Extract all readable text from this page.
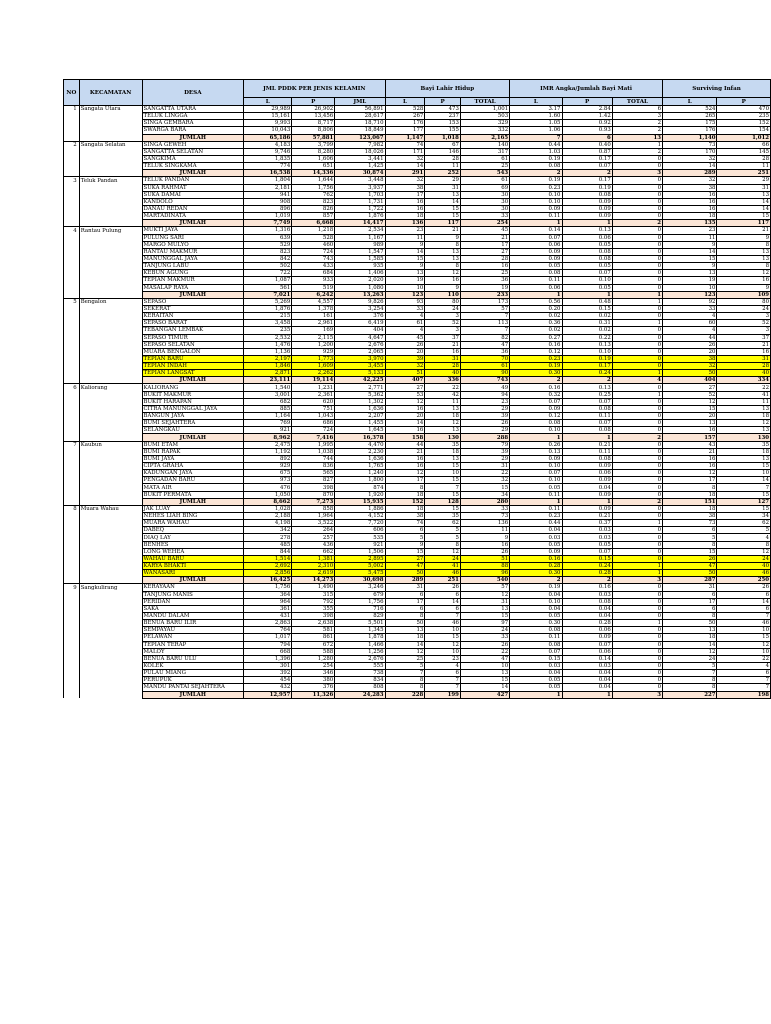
NO	KECAMATAN	DESA	JML PDDK PER JENIS KELAMIN			Bayi Lahir Hidup			IMR Angka/Jumlah Bayi Mati			Surviving Infan	
			L	P	JML	L	P	TOTAL	L	P	TOTAL	L	P
1	Sangata Utara	SANGATTA UTARA	29,989	26,902	56,891	528	473	1,001	3.17	2.84	6	524	470
		TELUK LINGGA	15,161	13,456	28,617	267	237	503	1.60	1.42	3	265	235
		SINGA GEMBARA	9,993	8,717	18,710	176	153	329	1.05	0.92	2	175	152
		SWARGA BARA	10,043	8,806	18,849	177	155	332	1.06	0.93	2	176	154
		JUMLAH	65,186	57,881	123,067	1,147	1,018	2,165	7	6	13	1,140	1,012
2	Sangata Selatan	SINGA GEWEH	4,183	3,799	7,982	74	67	140	0.44	0.40	1	73	66
		SANGATTA SELATAN	9,746	8,280	18,026	171	146	317	1.03	0.87	2	170	145
		SANGKIMA	1,835	1,606	3,441	32	28	61	0.19	0.17	0	32	28
		TELUK SINGKAMA	774	651	1,425	14	11	25	0.08	0.07	0	14	11
		JUMLAH	16,538	14,336	30,874	291	252	543	2	2	3	289	251
3	Teluk Pandan	TELUK PANDAN	1,804	1,644	3,448	32	29	61	0.19	0.17	0	32	29
		SUKA RAHMAT	2,181	1,756	3,937	38	31	69	0.23	0.19	0	38	31
		SUKA DAMAI	941	762	1,703	17	13	30	0.10	0.08	0	16	13
		KANDOLO	908	823	1,731	16	14	30	0.10	0.09	0	16	14
		DANAU REDAN	896	826	1,722	16	15	30	0.09	0.09	0	16	14
		MARTADINATA	1,019	857	1,876	18	15	33	0.11	0.09	0	18	15
		JUMLAH	7,749	6,668	14,417	136	117	254	1	1	2	135	117
4	Rantau Pulung	MUKTI JAYA	1,316	1,218	2,534	23	21	45	0.14	0.13	0	23	21
		PULUNG SARI	639	528	1,167	11	9	21	0.07	0.06	0	11	9
		MARGO MULYO	529	460	989	9	8	17	0.06	0.05	0	9	8
		RANTAU MAKMUR	823	724	1,547	14	13	27	0.09	0.08	0	14	13
		MANUNGGAL JAYA	842	743	1,585	15	13	28	0.09	0.08	0	15	13
		TANJUNG LABU	502	433	935	9	8	16	0.05	0.05	0	9	8
		KEBUN AGUNG	722	684	1,406	13	12	25	0.08	0.07	0	13	12
		TEPIAN MAKMUR	1,087	933	2,020	19	16	36	0.11	0.10	0	19	16
		MASALAP RAYA	561	519	1,080	10	9	19	0.06	0.05	0	10	9
		JUMLAH	7,021	6,242	13,263	123	110	233	1	1	1	123	109
5	Bengalon	SEPASO	5,269	4,557	9,826	93	80	173	0.56	0.48	1	92	80
		SEKERAT	1,876	1,378	3,254	33	24	57	0.20	0.15	0	33	24
		KERAITAN	215	161	376	4	3	7	0.02	0.02	0	4	3
		SEPASO BARAT	3,458	2,961	6,419	61	52	113	0.36	0.31	1	60	52
		TEBANGAN LEMBAK	235	169	404	4	3	7	0.02	0.02	0	4	3
		SEPASO TIMUR	2,532	2,115	4,647	45	37	82	0.27	0.22	0	44	37
		SEPASO SELATAN	1,476	1,200	2,676	26	21	47	0.16	0.13	0	26	21
		MUARA BENGALON	1,136	929	2,065	20	16	36	0.12	0.10	0	20	16
		TEPIAN BARU	2,197	1,773	3,970	39	31	70	0.23	0.19	0	38	31
		TEPIAN INDAH	1,846	1,609	3,455	32	28	61	0.19	0.17	0	32	28
		TEPIAN LANGSAT	2,871	2,262	5,133	51	40	90	0.30	0.24	1	50	40
		JUMLAH	23,111	19,114	42,225	407	336	743	2	2	4	404	334
6	Kaliorang	KALIORANG	1,540	1,231	2,771	27	22	49	0.16	0.13	0	27	22
		BUKIT MAKMUR	3,001	2,361	5,362	53	42	94	0.32	0.25	1	52	41
		BUKIT HARAPAN	682	620	1,302	12	11	23	0.07	0.07	0	12	11
		CITRA MANUNGGAL JAYA	885	751	1,636	16	13	29	0.09	0.08	0	15	13
		BANGUN JAYA	1,164	1,043	2,207	20	18	39	0.12	0.11	0	20	18
		BUMI SEJAHTERA	769	686	1,455	14	12	26	0.08	0.07	0	13	12
		SELANGKAU	921	724	1,645	16	13	29	0.10	0.08	0	16	13
		JUMLAH	8,962	7,416	16,378	158	130	288	1	1	2	157	130
7	Kaubun	BUMI ETAM	2,475	1,995	4,470	44	35	79	0.26	0.21	0	43	35
		BUMI RAPAK	1,192	1,038	2,230	21	18	39	0.13	0.11	0	21	18
		BUMI JAYA	892	744	1,636	16	13	29	0.09	0.08	0	16	13
		CIPTA GRAHA	929	836	1,765	16	15	31	0.10	0.09	0	16	15
		KADUNGAN JAYA	675	565	1,240	12	10	22	0.07	0.06	0	12	10
		PENGADAN BARU	973	827	1,800	17	15	32	0.10	0.09	0	17	14
		MATA AIR	476	398	874	8	7	15	0.05	0.04	0	8	7
		BUKIT PERMATA	1,050	870	1,920	18	15	34	0.11	0.09	0	18	15
		JUMLAH	8,662	7,273	15,935	152	128	280	1	1	2	151	127
8	Muara Wahau	JAK LUAY	1,028	858	1,886	18	15	33	0.11	0.09	0	18	15
		NEHES LIAH BING	2,188	1,964	4,152	38	35	73	0.23	0.21	0	38	34
		MUARA WAHAU	4,198	3,522	7,720	74	62	136	0.44	0.37	1	73	62
		DABEQ	342	264	606	6	5	11	0.04	0.03	0	6	5
		DIAQ LAY	278	257	535	5	5	9	0.03	0.03	0	5	4
		BENHES	485	436	921	9	8	16	0.05	0.05	0	8	8
		LONG WEHEA	844	662	1,506	15	12	26	0.09	0.07	0	15	12
		WAHAU BARU	1,514	1,381	2,895	27	24	51	0.16	0.15	0	26	24
		KARYA BHAKTI	2,692	2,310	5,002	47	41	88	0.28	0.24	1	47	40
		WANASARI	2,856	2,619	5,475	50	46	96	0.30	0.28	1	50	46
		JUMLAH	16,425	14,273	30,698	289	251	540	2	2	3	287	250
9	Sangkulirang	KERAYAAN	1,756	1,490	3,246	31	26	57	0.19	0.16	0	31	26
		TANJUNG MANIS	364	315	679	6	6	12	0.04	0.03	0	6	6
		PERIDAN	964	792	1,756	17	14	31	0.10	0.08	0	17	14
		SAKA	361	355	716	6	6	13	0.04	0.04	0	6	6
		MANDU DALAM	431	398	829	8	7	15	0.05	0.04	0	8	7
		BENUA BARU ILIR	2,863	2,638	5,501	50	46	97	0.30	0.28	1	50	46
		SEMPAYAU	764	581	1,345	13	10	24	0.08	0.06	0	13	10
		PELAWAN	1,017	861	1,878	18	15	33	0.11	0.09	0	18	15
		TEPIAN TERAP	794	672	1,466	14	12	26	0.08	0.07	0	14	12
		MALOY	668	588	1,256	12	10	22	0.07	0.06	0	12	10
		BENUA BARU ULU	1,396	1,280	2,676	25	23	47	0.15	0.14	0	24	22
		KOLEK	301	254	555	5	4	10	0.03	0.03	0	5	4
		PULAU MIANG	392	346	738	7	6	13	0.04	0.04	0	7	6
		PERUPUK	454	380	834	8	7	15	0.05	0.04	0	8	7
		MANDU PANTAI SEJAHTERA	432	376	808	8	7	14	0.05	0.04	0	8	7
		JUMLAH	12,957	11,326	24,283	228	199	427	1	1	3	227	198
